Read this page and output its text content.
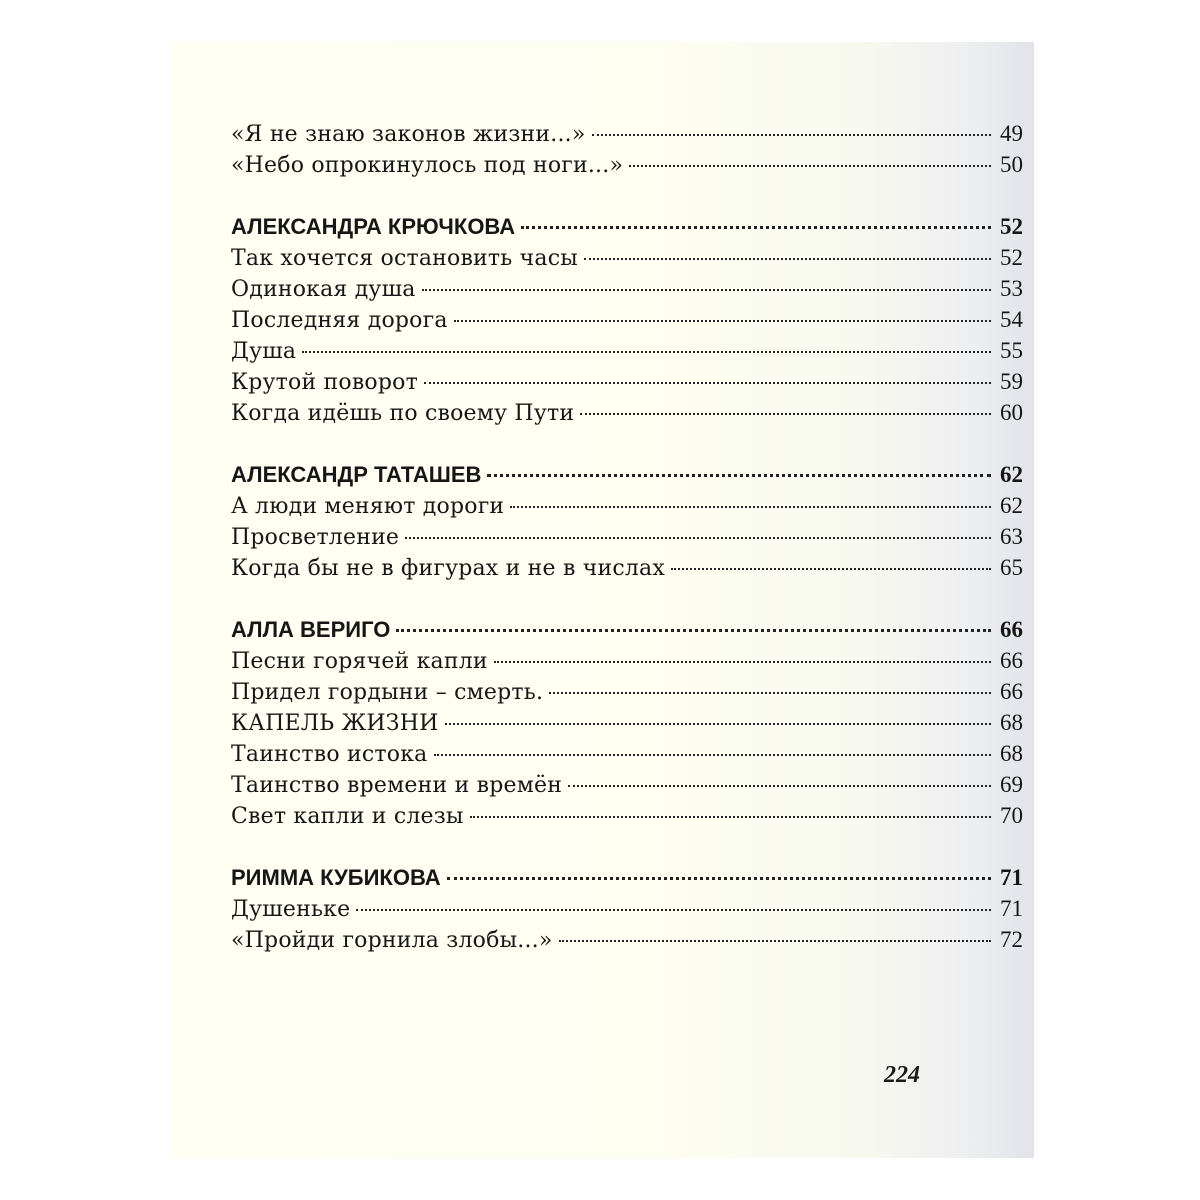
«Я не знаю законов жизни...»	49
«Небо опрокинулось под ноги...»	50
АЛЕКСАНДРА КРЮЧКОВА	52
Так хочется остановить часы	52
Одинокая душа	53
Последняя дорога	54
Душа	55
Крутой поворот	59
Когда идёшь по своему Пути	60
АЛЕКСАНДР ТАТАШЕВ	62
А люди меняют дороги	62
Просветление	63
Когда бы не в фигурах и не в числах	65
АЛЛА ВЕРИГО	66
Песни горячей капли	66
Придел гордыни – смерть.	66
КАПЕЛЬ ЖИЗНИ	68
Таинство истока	68
Таинство времени и времён	69
Свет капли и слезы	70
РИММА КУБИКОВА	71
Душеньке	71
«Пройди горнила злобы...»	72
224
